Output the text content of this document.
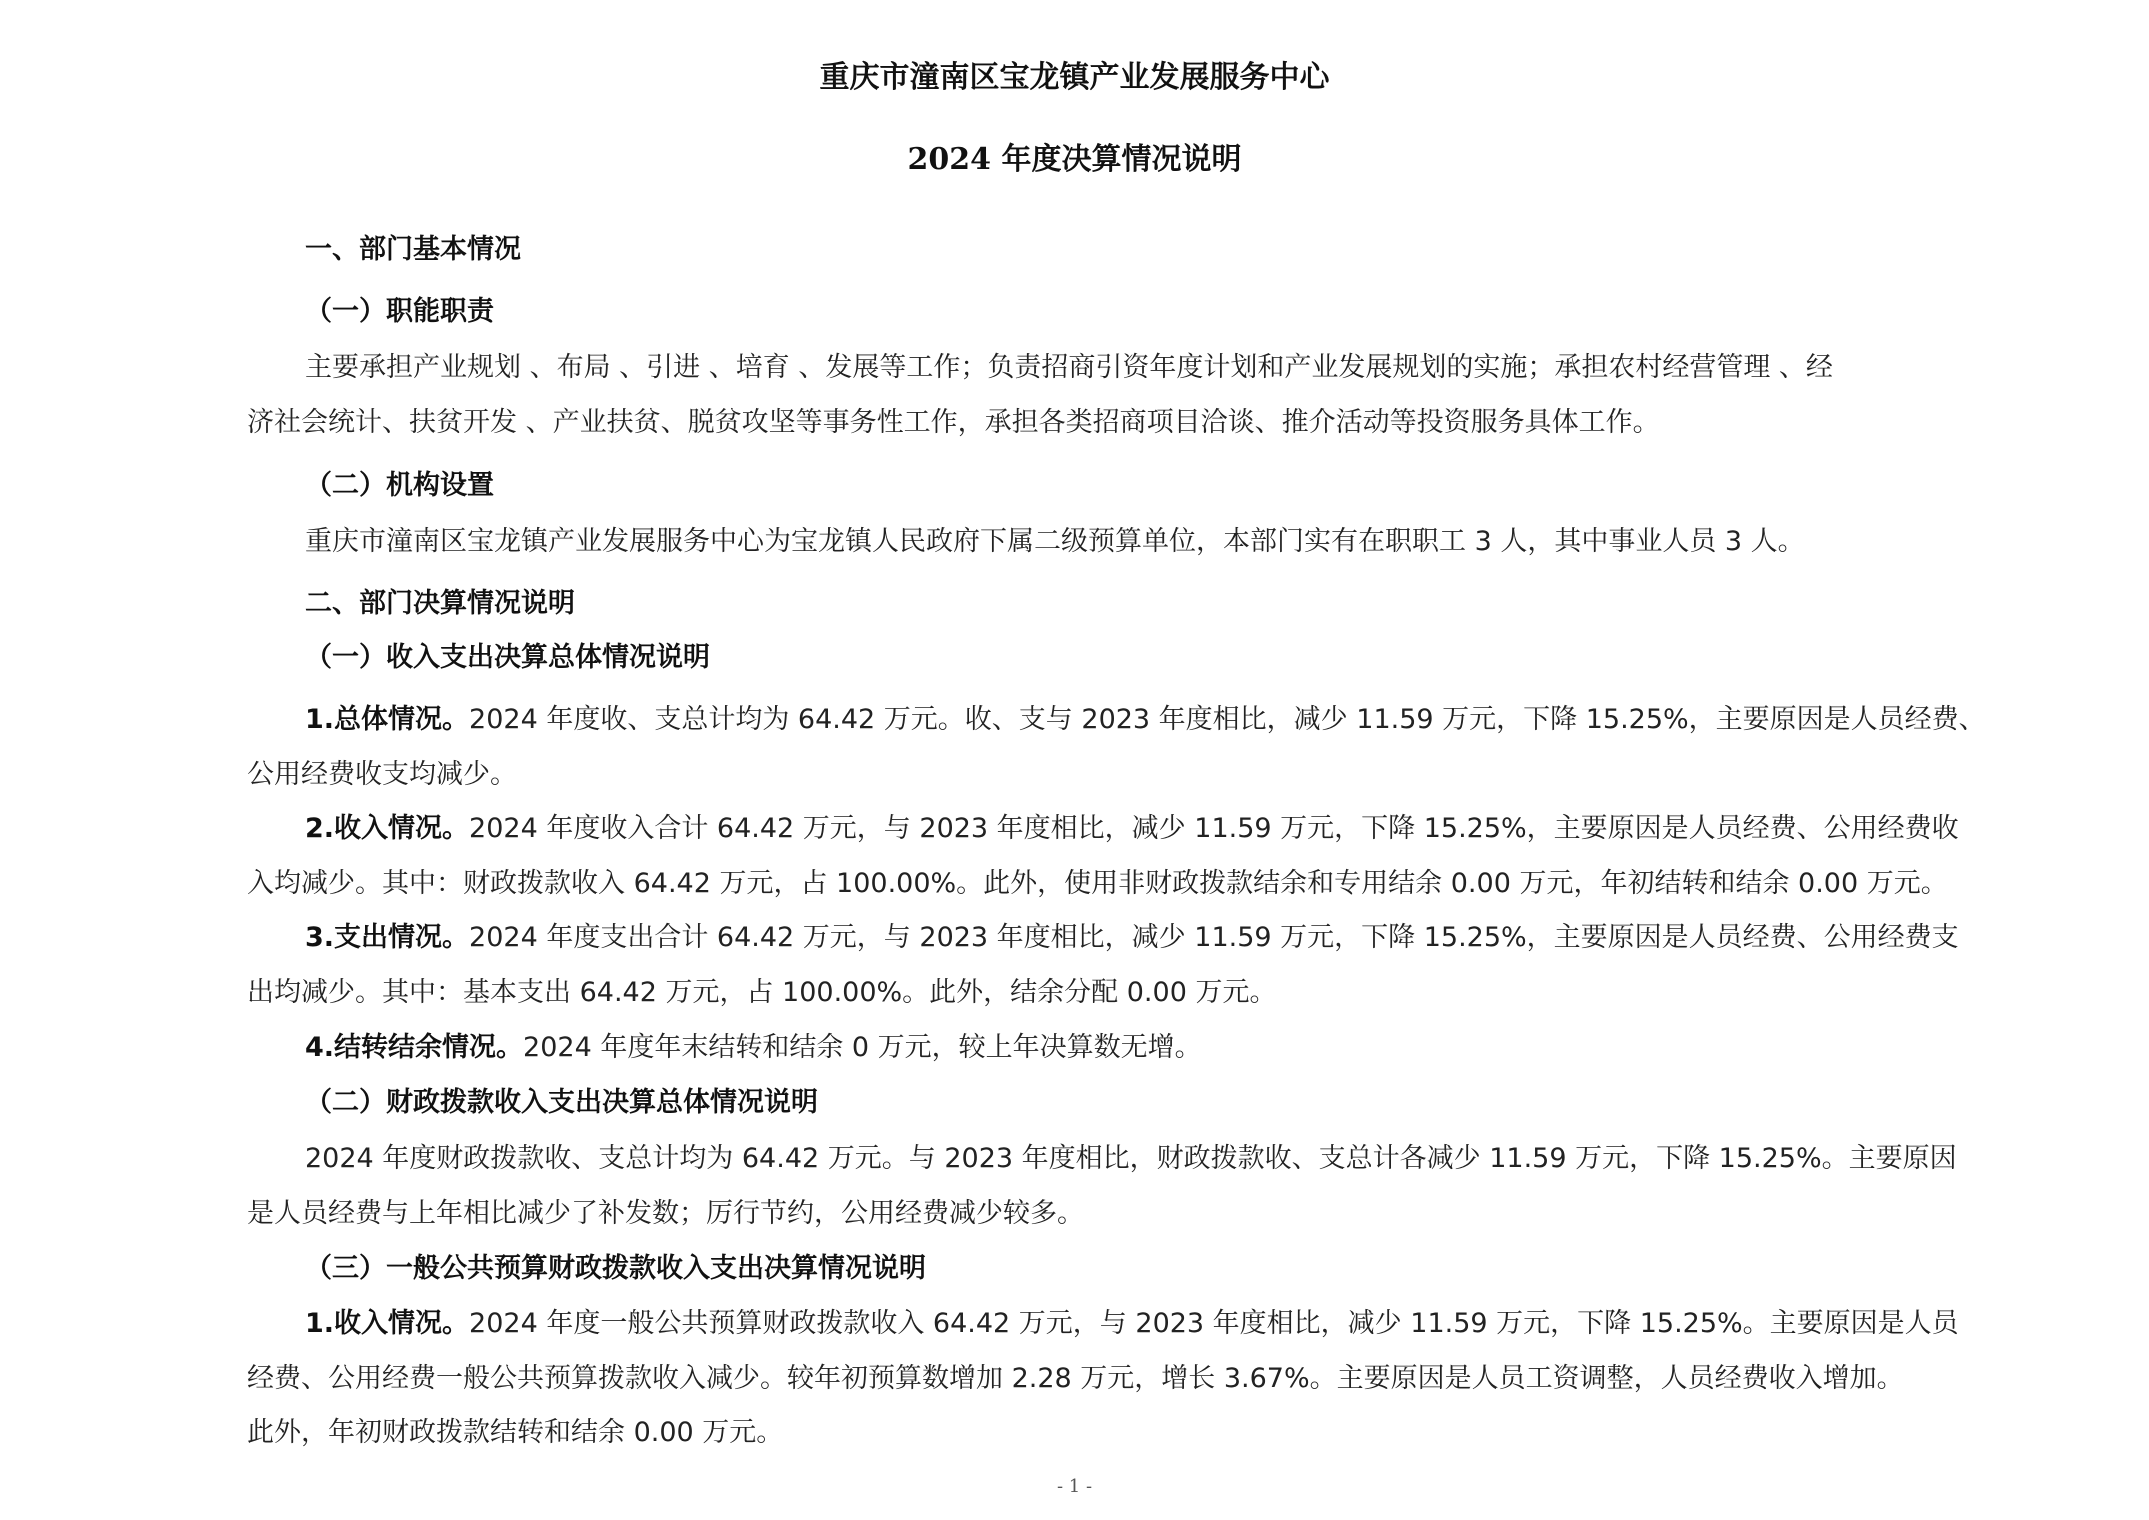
重庆市潼南区宝龙镇产业发展服务中心
2024 年度决算情况说明
一、部门基本情况
（一）职能职责
主要承担产业规划 、布局 、引进 、培育 、发展等工作；负责招商引资年度计划和产业发展规划的实施；承担农村经营管理 、经
济社会统计、扶贫开发 、产业扶贫、脱贫攻坚等事务性工作，承担各类招商项目洽谈、推介活动等投资服务具体工作。
（二）机构设置
重庆市潼南区宝龙镇产业发展服务中心为宝龙镇人民政府下属二级预算单位，本部门实有在职职工 3 人，其中事业人员 3 人。
二、部门决算情况说明
（一）收入支出决算总体情况说明
1.总体情况。2024 年度收、支总计均为 64.42 万元。收、支与 2023 年度相比，减少 11.59 万元，下降 15.25%，主要原因是人员经费、
公用经费收支均减少。
2.收入情况。2024 年度收入合计 64.42 万元，与 2023 年度相比，减少 11.59 万元，下降 15.25%，主要原因是人员经费、公用经费收
入均减少。其中：财政拨款收入 64.42 万元，占 100.00%。此外，使用非财政拨款结余和专用结余 0.00 万元，年初结转和结余 0.00 万元。
3.支出情况。2024 年度支出合计 64.42 万元，与 2023 年度相比，减少 11.59 万元，下降 15.25%，主要原因是人员经费、公用经费支
出均减少。其中：基本支出 64.42 万元，占 100.00%。此外，结余分配 0.00 万元。
4.结转结余情况。2024 年度年末结转和结余 0 万元，较上年决算数无增。
（二）财政拨款收入支出决算总体情况说明
2024 年度财政拨款收、支总计均为 64.42 万元。与 2023 年度相比，财政拨款收、支总计各减少 11.59 万元，下降 15.25%。主要原因
是人员经费与上年相比减少了补发数；厉行节约，公用经费减少较多。
（三）一般公共预算财政拨款收入支出决算情况说明
1.收入情况。2024 年度一般公共预算财政拨款收入 64.42 万元，与 2023 年度相比，减少 11.59 万元，下降 15.25%。主要原因是人员
经费、公用经费一般公共预算拨款收入减少。较年初预算数增加 2.28 万元，增长 3.67%。主要原因是人员工资调整，人员经费收入增加。
此外，年初财政拨款结转和结余 0.00 万元。
- 1 -
